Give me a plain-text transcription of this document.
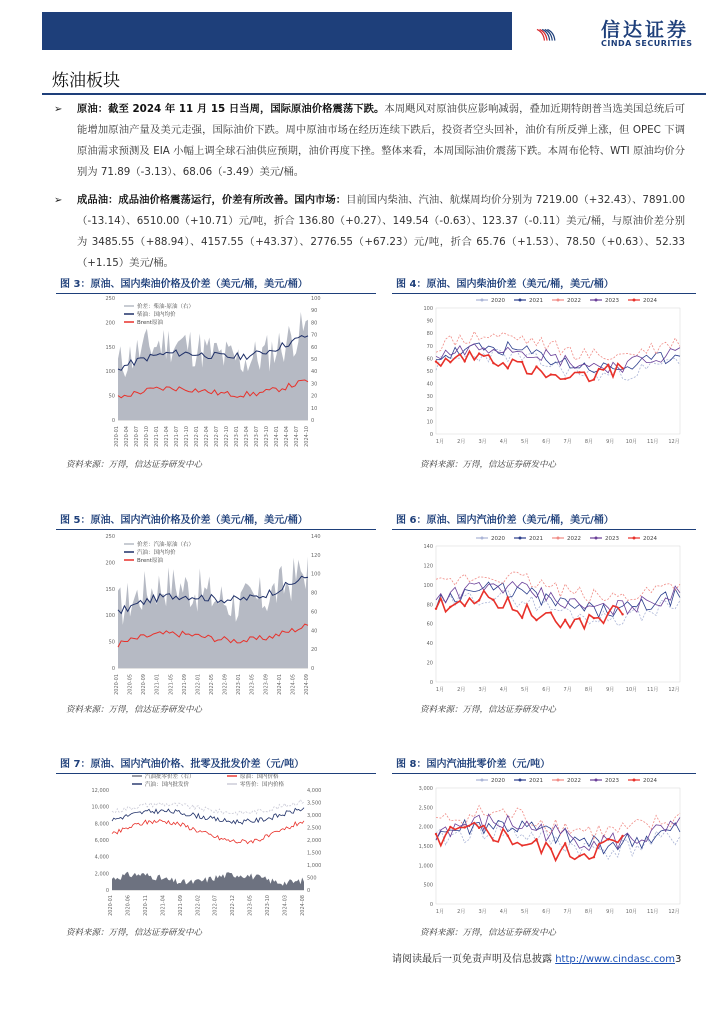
信达证券
CINDA SECURITIES
炼油板块
➢ 原油：截至 2024 年 11 月 15 日当周，国际原油价格震荡下跌。本周飓风对原油供应影响减弱，叠加近期特朗普当选美国总统后可能增加原油产量及美元走强，国际油价下跌。周中原油市场在经历连续下跌后，投资者空头回补，油价有所反弹上涨，但 OPEC 下调原油需求预测及 EIA 小幅上调全球石油供应预期，油价再度下挫。整体来看，本周国际油价震荡下跌。本周布伦特、WTI 原油均价分别为 71.89（-3.13）、68.06（-3.49）美元/桶。
➢ 成品油：成品油价格震荡运行，价差有所改善。国内市场：目前国内柴油、汽油、航煤周均价分别为 7219.00（+32.43）、7891.00（-13.14）、6510.00（+10.71）元/吨，折合 136.80（+0.27）、149.54（-0.63）、123.37（-0.11）美元/桶，与原油价差分别为 3485.55（+88.94）、4157.55（+43.37）、2776.55（+67.23）元/吨，折合 65.76（+1.53）、78.50（+0.63）、52.33（+1.15）美元/桶。
图 3：原油、国内柴油价格及价差（美元/桶，美元/桶）
250
200
150
100
50
0
100
90
80
70
60
50
40
30
20
10
0
2020-01 2020-04 2020-07 2020-10 2021-01 2021-04 2021-07 2021-10 2022-01 2022-04 2022-07 2022-10 2023-01 2023-04 2023-07 2023-10 2024-01 2024-04 2024-07 2024-10
价差：柴油-原油（右）
柴油：国内均价
Brent原油
资料来源：万得，信达证券研发中心
图 4：原油、国内柴油价差（美元/桶，美元/桶）
100
90
80
70
60
50
40
30
20
10
0
1月	2月	3月	4月	5月	6月	7月	8月	9月 10月 11月 12月
2020	2021	2022	2023	2024
资料来源：万得，信达证券研发中心
图 5：原油、国内汽油价格及价差（美元/桶，美元/桶）
250
200
150
100
50
0
140
120
100
80
60
40
20
0
2020-01 2020-05 2020-09 2021-01 2021-05 2021-09 2022-01 2022-05 2022-09 2023-01 2023-05 2023-09 2024-01 2024-05 2024-09
价差：汽油-原油（右）
汽油：国内均价
Brent原油
资料来源：万得，信达证券研发中心
图 6：原油、国内汽油价差（美元/桶，美元/桶）
140
120
100
80
60
40
20
0
1月	2月	3月	4月	5月	6月	7月	8月	9月 10月 11月 12月
2020	2021	2022	2023	2024
资料来源：万得，信达证券研发中心
图 7：原油、国内汽油价格、批零及批发价差（元/吨）
12,000
10,000
8,000
6,000
4,000
2,000
0
4,000
3,500
3,000
2,500
2,000
1,500
1,000
500
0
2020-01 2020-06 2020-11 2021-04 2021-09 2022-02 2022-07 2022-12 2023-05 2023-10 2024-03 2024-08
汽油批零价差（右）	原油：国内价格
汽油：国内批发价	零售价：国内价格
资料来源：万得，信达证券研发中心
图 8：国内汽油批零价差（元/吨）
3,000
2,500
2,000
1,500
1,000
500
0
1月	2月	3月	4月	5月	6月	7月	8月	9月 10月 11月 12月
2020	2021	2022	2023	2024
资料来源：万得，信达证券研发中心
请阅读最后一页免责声明及信息披露 http://www.cindasc.com3
